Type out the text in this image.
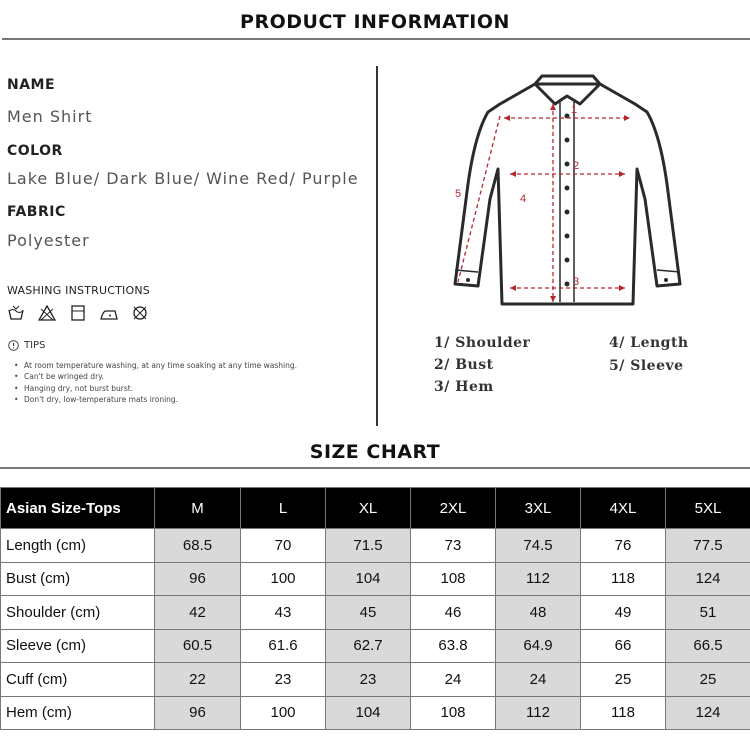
PRODUCT INFORMATION
NAME
Men Shirt
COLOR
Lake Blue/ Dark Blue/ Wine Red/ Purple
FABRIC
Polyester
WASHING INSTRUCTIONS
TIPS
• At room temperature washing, at any time soaking at any time washing.
• Can't be wringed dry.
• Hanging dry, not burst burst.
• Don't dry, low-temperature mats ironing.
1
2
3
4
5
1/ Shoulder
2/ Bust
3/ Hem
4/ Length
5/ Sleeve
SIZE CHART
Asian Size-Tops	M	L	XL	2XL	3XL	4XL	5XL
Length (cm)	68.5	70	71.5	73	74.5	76	77.5
Bust (cm)	96	100	104	108	112	118	124
Shoulder (cm)	42	43	45	46	48	49	51
Sleeve (cm)	60.5	61.6	62.7	63.8	64.9	66	66.5
Cuff (cm)	22	23	23	24	24	25	25
Hem (cm)	96	100	104	108	112	118	124
